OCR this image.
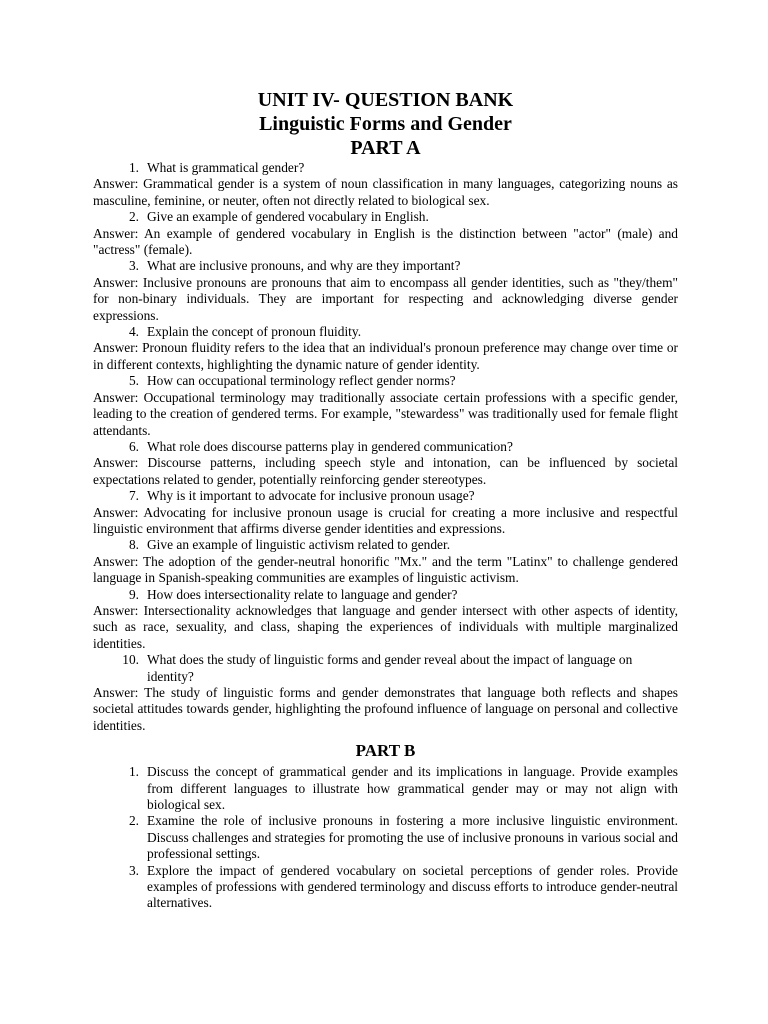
UNIT IV- QUESTION BANK
Linguistic Forms and Gender
PART A
1. What is grammatical gender?
Answer: Grammatical gender is a system of noun classification in many languages, categorizing nouns as masculine, feminine, or neuter, often not directly related to biological sex.
2. Give an example of gendered vocabulary in English.
Answer: An example of gendered vocabulary in English is the distinction between "actor" (male) and "actress" (female).
3. What are inclusive pronouns, and why are they important?
Answer: Inclusive pronouns are pronouns that aim to encompass all gender identities, such as "they/them" for non-binary individuals. They are important for respecting and acknowledging diverse gender expressions.
4. Explain the concept of pronoun fluidity.
Answer: Pronoun fluidity refers to the idea that an individual's pronoun preference may change over time or in different contexts, highlighting the dynamic nature of gender identity.
5. How can occupational terminology reflect gender norms?
Answer: Occupational terminology may traditionally associate certain professions with a specific gender, leading to the creation of gendered terms. For example, "stewardess" was traditionally used for female flight attendants.
6. What role does discourse patterns play in gendered communication?
Answer: Discourse patterns, including speech style and intonation, can be influenced by societal expectations related to gender, potentially reinforcing gender stereotypes.
7. Why is it important to advocate for inclusive pronoun usage?
Answer: Advocating for inclusive pronoun usage is crucial for creating a more inclusive and respectful linguistic environment that affirms diverse gender identities and expressions.
8. Give an example of linguistic activism related to gender.
Answer: The adoption of the gender-neutral honorific "Mx." and the term "Latinx" to challenge gendered language in Spanish-speaking communities are examples of linguistic activism.
9. How does intersectionality relate to language and gender?
Answer: Intersectionality acknowledges that language and gender intersect with other aspects of identity, such as race, sexuality, and class, shaping the experiences of individuals with multiple marginalized identities.
10. What does the study of linguistic forms and gender reveal about the impact of language on identity?
Answer: The study of linguistic forms and gender demonstrates that language both reflects and shapes societal attitudes towards gender, highlighting the profound influence of language on personal and collective identities.
PART B
1. Discuss the concept of grammatical gender and its implications in language. Provide examples from different languages to illustrate how grammatical gender may or may not align with biological sex.
2. Examine the role of inclusive pronouns in fostering a more inclusive linguistic environment. Discuss challenges and strategies for promoting the use of inclusive pronouns in various social and professional settings.
3. Explore the impact of gendered vocabulary on societal perceptions of gender roles. Provide examples of professions with gendered terminology and discuss efforts to introduce gender-neutral alternatives.
